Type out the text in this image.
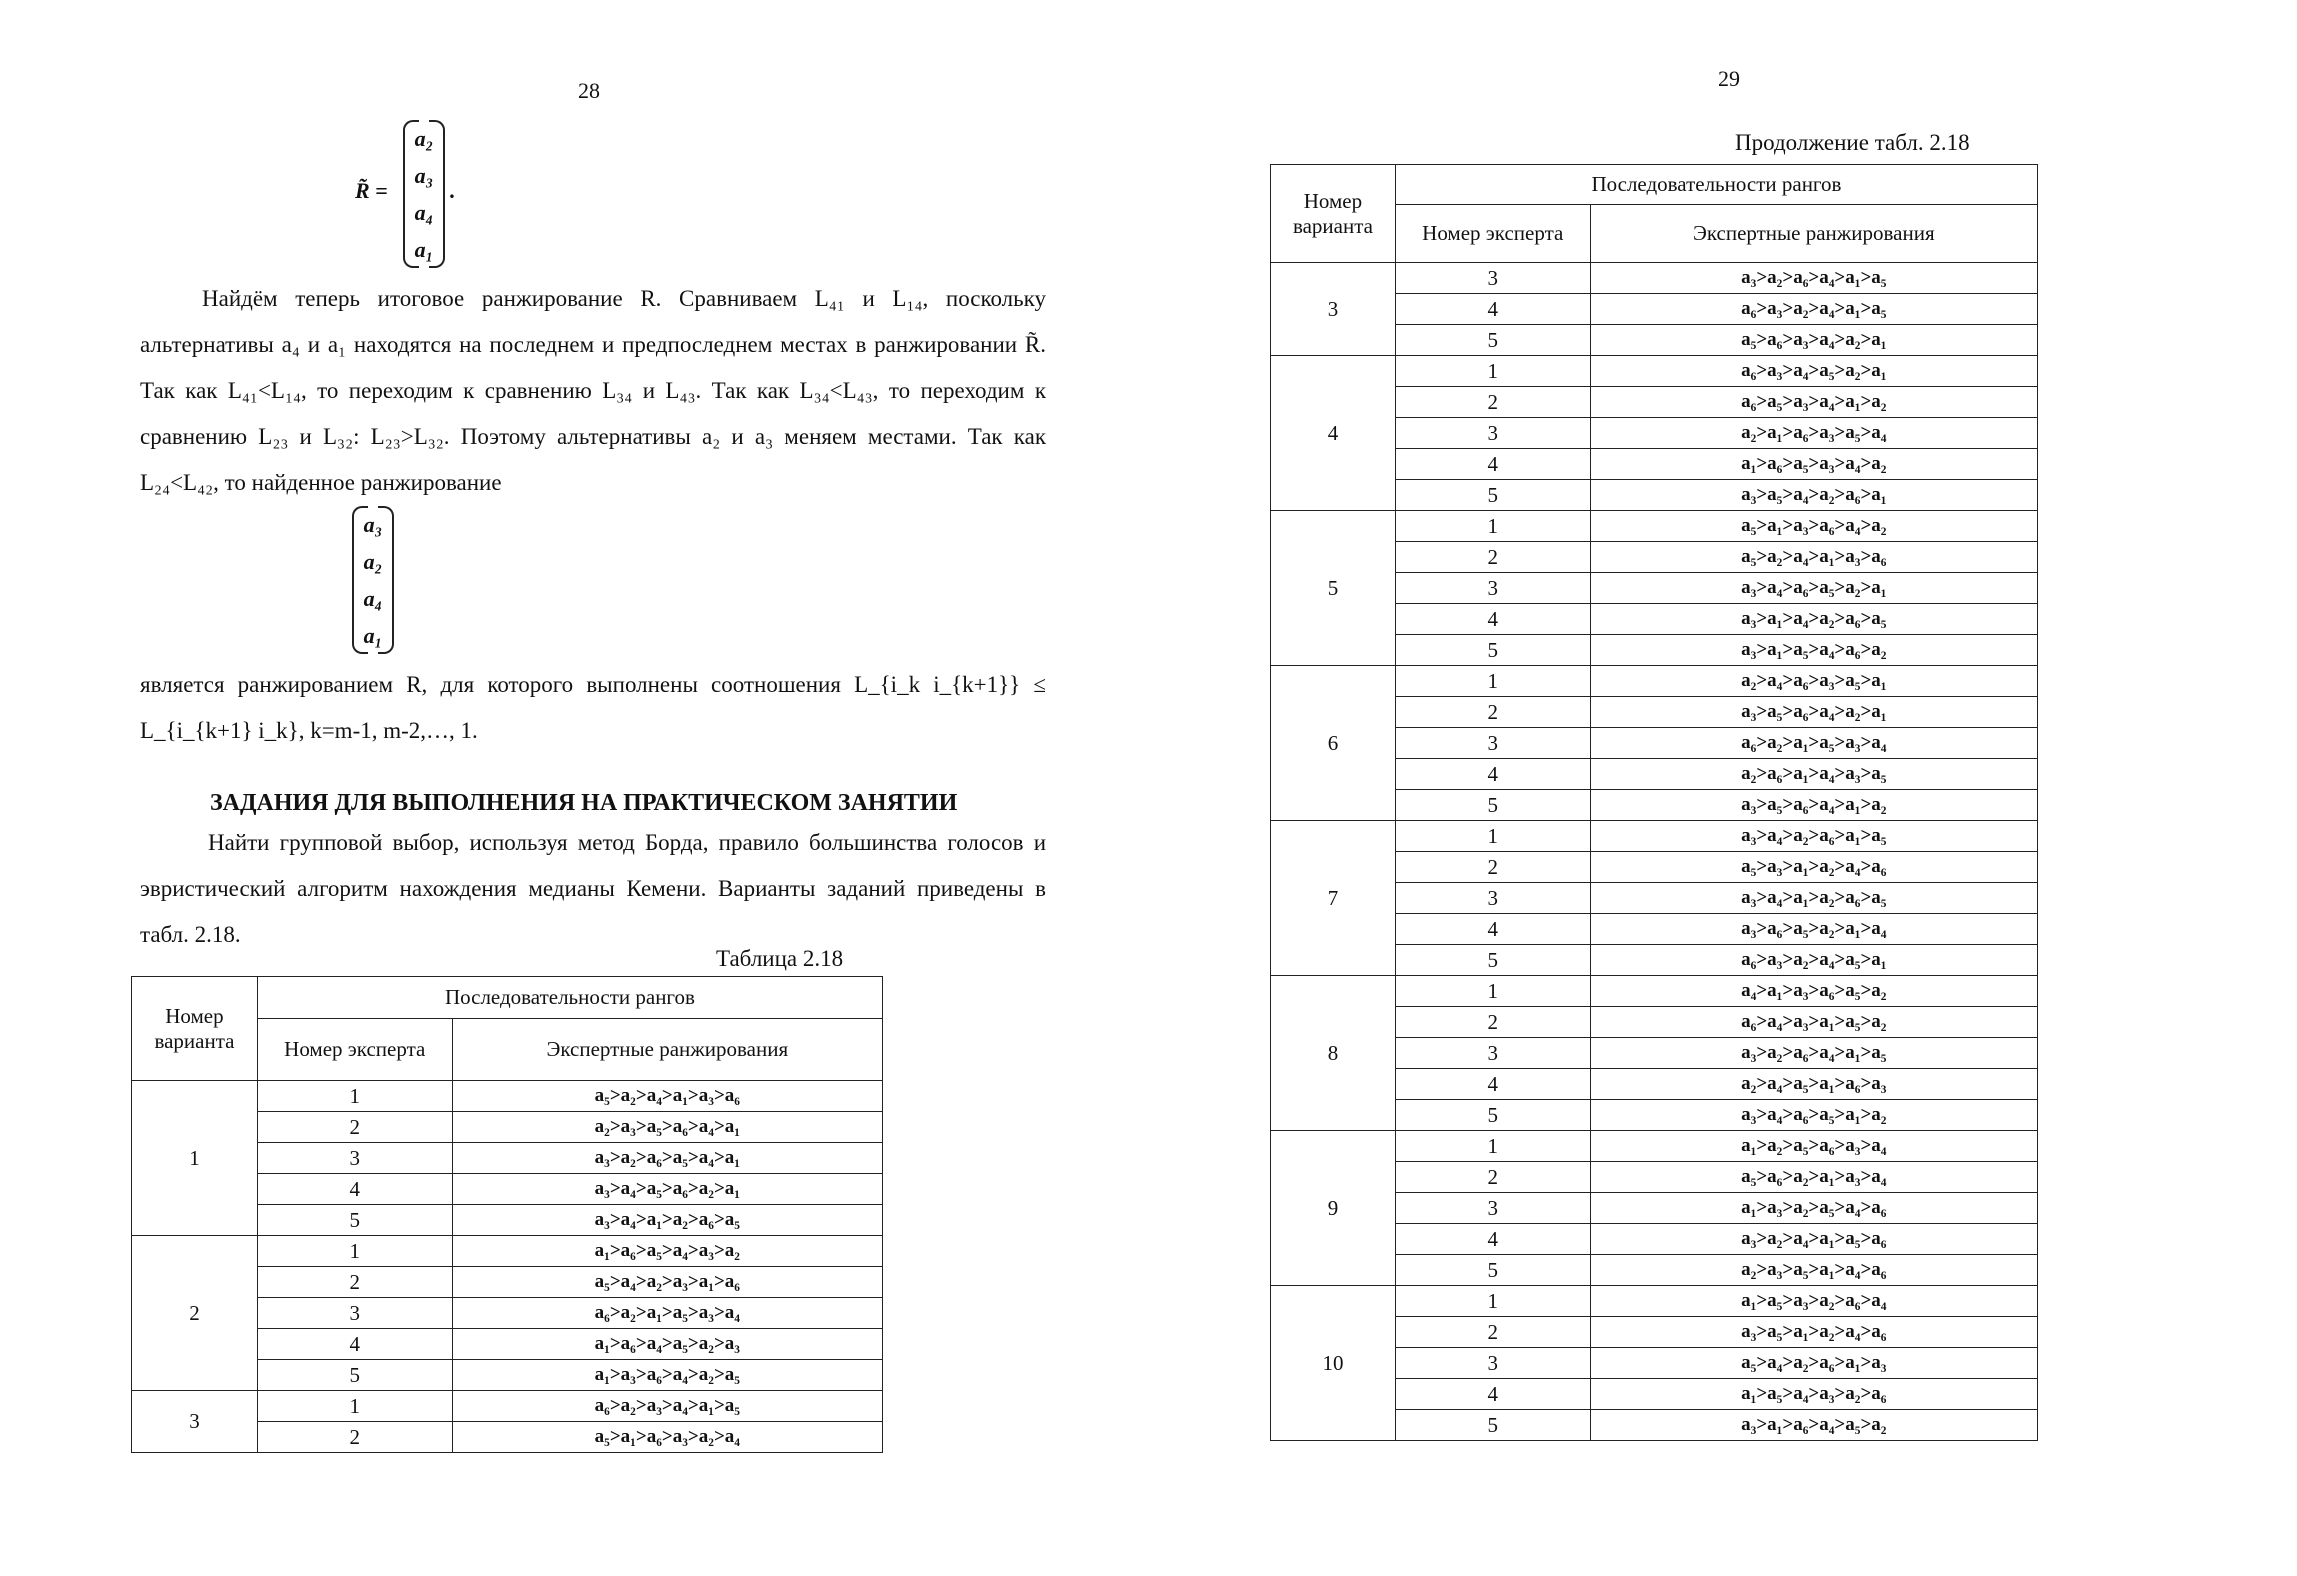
28
R̃ =
a₂
a₃
a₄
a₁
.

Найдём теперь итоговое ранжирование R. Сравниваем L₄₁ и L₁₄, поскольку альтернативы a₄ и a₁ находятся на последнем и предпоследнем местах в ранжировании R̃. Так как L₄₁<L₁₄, то переходим к сравнению L₃₄ и L₄₃. Так как L₃₄<L₄₃, то переходим к сравнению L₂₃ и L₃₂: L₂₃>L₃₂. Поэтому альтернативы a₂ и a₃ меняем местами. Так как L₂₄<L₄₂, то найденное ранжирование

a₃
a₂
a₄
a₁

является ранжированием R, для которого выполнены соотношения L_{i_k i_{k+1}} ≤ L_{i_{k+1} i_k}, k=m-1, m-2,…, 1.

ЗАДАНИЯ ДЛЯ ВЫПОЛНЕНИЯ НА ПРАКТИЧЕСКОМ ЗАНЯТИИ

Найти групповой выбор, используя метод Борда, правило большинства голосов и эвристический алгоритм нахождения медианы Кемени. Варианты заданий приведены в табл. 2.18.

Таблица 2.18
Номер варианта	Последовательности рангов	
	Номер эксперта	Экспертные ранжирования
1	1	a₅>a₂>a₄>a₁>a₃>a₆
	2	a₂>a₃>a₅>a₆>a₄>a₁
	3	a₃>a₂>a₆>a₅>a₄>a₁
	4	a₃>a₄>a₅>a₆>a₂>a₁
	5	a₃>a₄>a₁>a₂>a₆>a₅
2	1	a₁>a₆>a₅>a₄>a₃>a₂
	2	a₅>a₄>a₂>a₃>a₁>a₆
	3	a₆>a₂>a₁>a₅>a₃>a₄
	4	a₁>a₆>a₄>a₅>a₂>a₃
	5	a₁>a₃>a₆>a₄>a₂>a₅
3	1	a₆>a₂>a₃>a₄>a₁>a₅
	2	a₅>a₁>a₆>a₃>a₂>a₄
29
Продолжение табл. 2.18
Номер варианта	Последовательности рангов	
	Номер эксперта	Экспертные ранжирования
3	3	a₃>a₂>a₆>a₄>a₁>a₅
	4	a₆>a₃>a₂>a₄>a₁>a₅
	5	a₅>a₆>a₃>a₄>a₂>a₁
4	1	a₆>a₃>a₄>a₅>a₂>a₁
	2	a₆>a₅>a₃>a₄>a₁>a₂
	3	a₂>a₁>a₆>a₃>a₅>a₄
	4	a₁>a₆>a₅>a₃>a₄>a₂
	5	a₃>a₅>a₄>a₂>a₆>a₁
5	1	a₅>a₁>a₃>a₆>a₄>a₂
	2	a₅>a₂>a₄>a₁>a₃>a₆
	3	a₃>a₄>a₆>a₅>a₂>a₁
	4	a₃>a₁>a₄>a₂>a₆>a₅
	5	a₃>a₁>a₅>a₄>a₆>a₂
6	1	a₂>a₄>a₆>a₃>a₅>a₁
	2	a₃>a₅>a₆>a₄>a₂>a₁
	3	a₆>a₂>a₁>a₅>a₃>a₄
	4	a₂>a₆>a₁>a₄>a₃>a₅
	5	a₃>a₅>a₆>a₄>a₁>a₂
7	1	a₃>a₄>a₂>a₆>a₁>a₅
	2	a₅>a₃>a₁>a₂>a₄>a₆
	3	a₃>a₄>a₁>a₂>a₆>a₅
	4	a₃>a₆>a₅>a₂>a₁>a₄
	5	a₆>a₃>a₂>a₄>a₅>a₁
8	1	a₄>a₁>a₃>a₆>a₅>a₂
	2	a₆>a₄>a₃>a₁>a₅>a₂
	3	a₃>a₂>a₆>a₄>a₁>a₅
	4	a₂>a₄>a₅>a₁>a₆>a₃
	5	a₃>a₄>a₆>a₅>a₁>a₂
9	1	a₁>a₂>a₅>a₆>a₃>a₄
	2	a₅>a₆>a₂>a₁>a₃>a₄
	3	a₁>a₃>a₂>a₅>a₄>a₆
	4	a₃>a₂>a₄>a₁>a₅>a₆
	5	a₂>a₃>a₅>a₁>a₄>a₆
10	1	a₁>a₅>a₃>a₂>a₆>a₄
	2	a₃>a₅>a₁>a₂>a₄>a₆
	3	a₅>a₄>a₂>a₆>a₁>a₃
	4	a₁>a₅>a₄>a₃>a₂>a₆
	5	a₃>a₁>a₆>a₄>a₅>a₂
